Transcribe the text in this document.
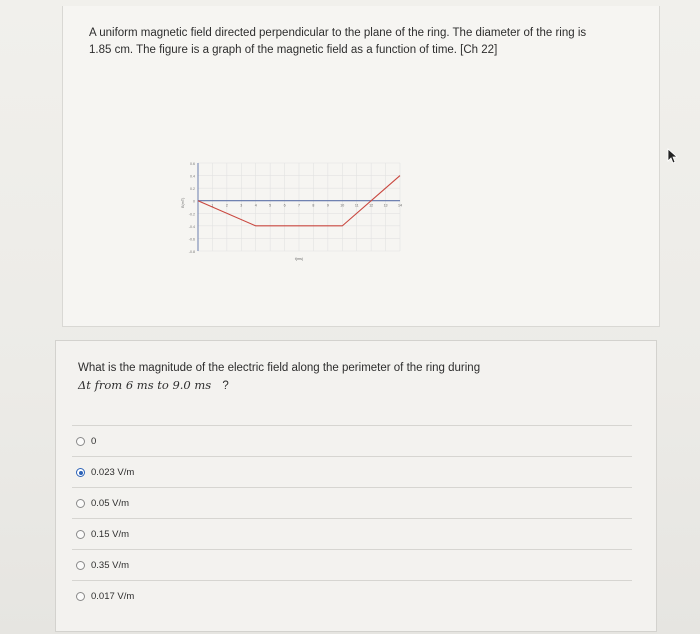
A uniform magnetic field directed perpendicular to the plane of the ring. The diameter of the ring is
1.85 cm. The figure is a graph of the magnetic field as a function of time. [Ch 22]
0.6
0.4
0.2
0
-0.2
-0.4
-0.6
-0.8
1	2	3	4	5	6	7	8	9	10	11	12	13	14
B(mT)
t(ms)
What is the magnitude of the electric field along the perimeter of the ring during
Δt from 6 ms to 9.0 ms ?
0
0.023 V/m
0.05 V/m
0.15 V/m
0.35 V/m
0.017 V/m
